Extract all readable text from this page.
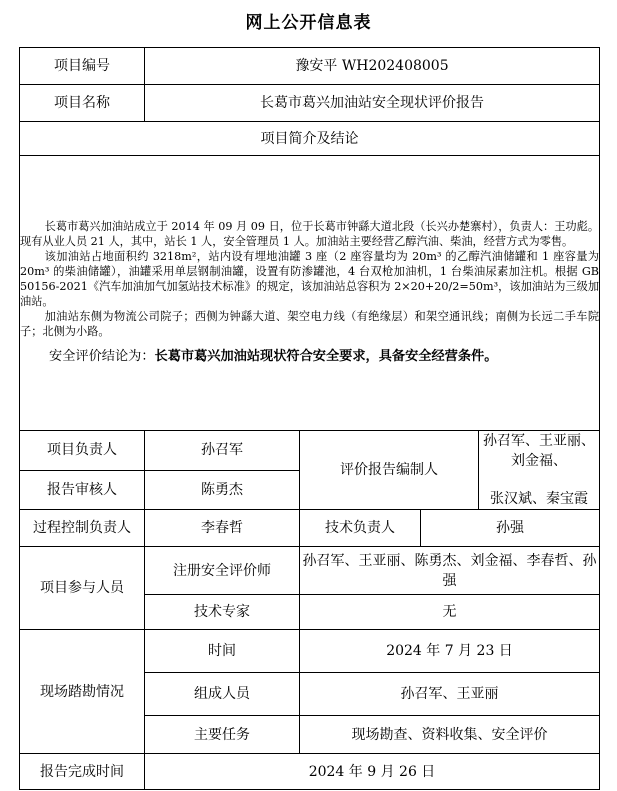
网上公开信息表
项目编号	豫安平 WH202408005			
项目名称	长葛市葛兴加油站安全现状评价报告			
项目简介及结论				

长葛市葛兴加油站成立于 2014 年 09 月 09 日，位于长葛市钟繇大道北段（长兴办楚寨村），负责人：王功彪。现有从业人员 21 人，其中，站长 1 人，安全管理员 1 人。加油站主要经营乙醇汽油、柴油，经营方式为零售。

该加油站占地面积约 3218m²，站内设有埋地油罐 3 座（2 座容量均为 20m³ 的乙醇汽油储罐和 1 座容量为 20m³ 的柴油储罐），油罐采用单层钢制油罐，设置有防渗罐池，4 台双枪加油机，1 台柴油尿素加注机。根据 GB 50156-2021《汽车加油加气加氢站技术标准》的规定，该加油站总容积为 2×20+20/2=50m³，该加油站为三级加油站。

加油站东侧为物流公司院子；西侧为钟繇大道、架空电力线（有绝缘层）和架空通讯线；南侧为长远二手车院子；北侧为小路。

安全评价结论为：长葛市葛兴加油站现状符合安全要求，具备安全经营条件。				

项目负责人	孙召军	评价报告编制人		孙召军、王亚丽、刘金福、
张汉斌、秦宝霞

报告审核人	陈勇杰			
过程控制负责人	李春哲	技术负责人	孙强	
项目参与人员	注册安全评价师	孙召军、王亚丽、陈勇杰、刘金福、李春哲、孙强		
	技术专家	无		
现场踏勘情况	时间	2024 年 7 月 23 日		
	组成人员	孙召军、王亚丽		
	主要任务	现场勘查、资料收集、安全评价		
报告完成时间	2024 年 9 月 26 日			
